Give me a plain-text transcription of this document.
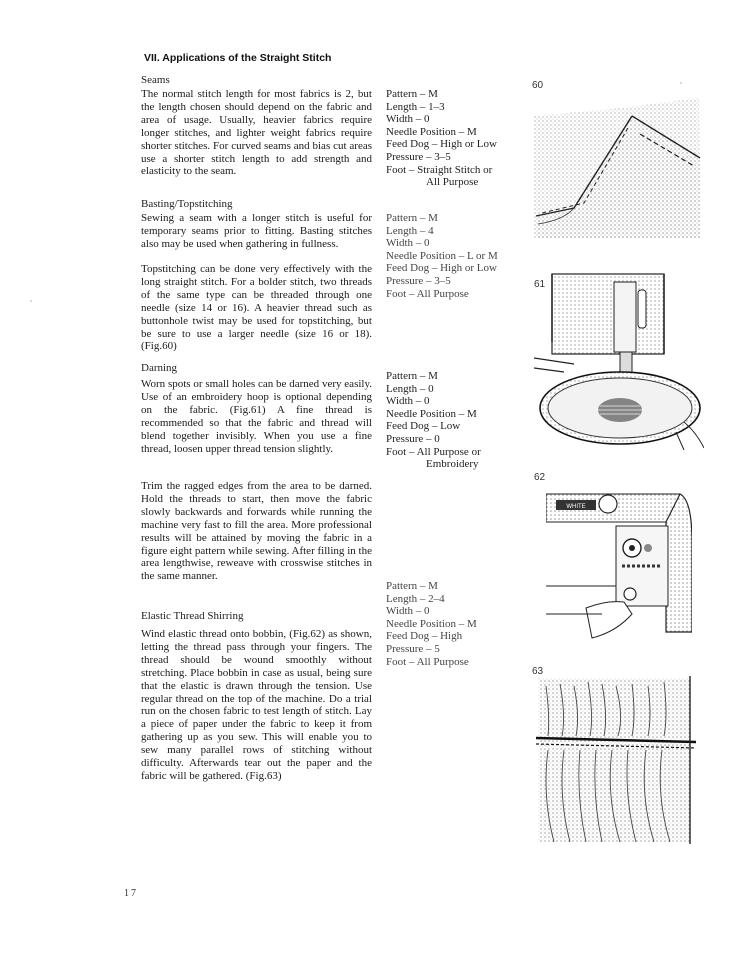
VII. Applications of the Straight Stitch
Seams
The normal stitch length for most fabrics is 2, but the length chosen should depend on the fabric and area of usage. Usually, heavier fabrics require longer stitches, and lighter weight fabrics require shorter stitches. For curved seams and bias cut areas use a shorter stitch length to add strength and elasticity to the seam.
Pattern – M
Length – 1–3
Width – 0
Needle Position – M
Feed Dog – High or Low
Pressure – 3–5
Foot – Straight Stitch or
All Purpose
Basting/Topstitching
Sewing a seam with a longer stitch is useful for temporary seams prior to fitting. Basting stitches also may be used when gathering in fullness.
Topstitching can be done very effectively with the long straight stitch. For a bolder stitch, two threads of the same type can be threaded through one needle (size 14 or 16). A heavier thread such as buttonhole twist may be used for topstitching, but be sure to use a larger needle (size 16 or 18). (Fig.60)
Pattern – M
Length – 4
Width – 0
Needle Position – L or M
Feed Dog – High or Low
Pressure – 3–5
Foot – All Purpose
Darning
Worn spots or small holes can be darned very easily. Use of an embroidery hoop is optional depending on the fabric. (Fig.61) A fine thread is recommended so that the fabric and thread will blend together invisibly. When you use a fine thread, loosen upper thread tension slightly.
Trim the ragged edges from the area to be darned. Hold the threads to start, then move the fabric slowly backwards and forwards while running the machine very fast to fill the area. More professional results will be attained by moving the fabric in a figure eight pattern while sewing. After filling in the area lengthwise, reweave with crosswise stitches in the same manner.
Pattern – M
Length – 0
Width – 0
Needle Position – M
Feed Dog – Low
Pressure – 0
Foot – All Purpose or
Embroidery
Elastic Thread Shirring
Wind elastic thread onto bobbin, (Fig.62) as shown, letting the thread pass through your fingers. The thread should be wound smoothly without stretching. Place bobbin in case as usual, being sure that the elastic is drawn through the tension. Use regular thread on the top of the machine. Do a trial run on the chosen fabric to test length of stitch. Lay a piece of paper under the fabric to keep it from gathering up as you sew. This will enable you to sew many parallel rows of stitching without difficulty. Afterwards tear out the paper and the fabric will be gathered. (Fig.63)
Pattern – M
Length – 2–4
Width – 0
Needle Position – M
Feed Dog – High
Pressure – 5
Foot – All Purpose
60
61
62
WHITE
63
17
